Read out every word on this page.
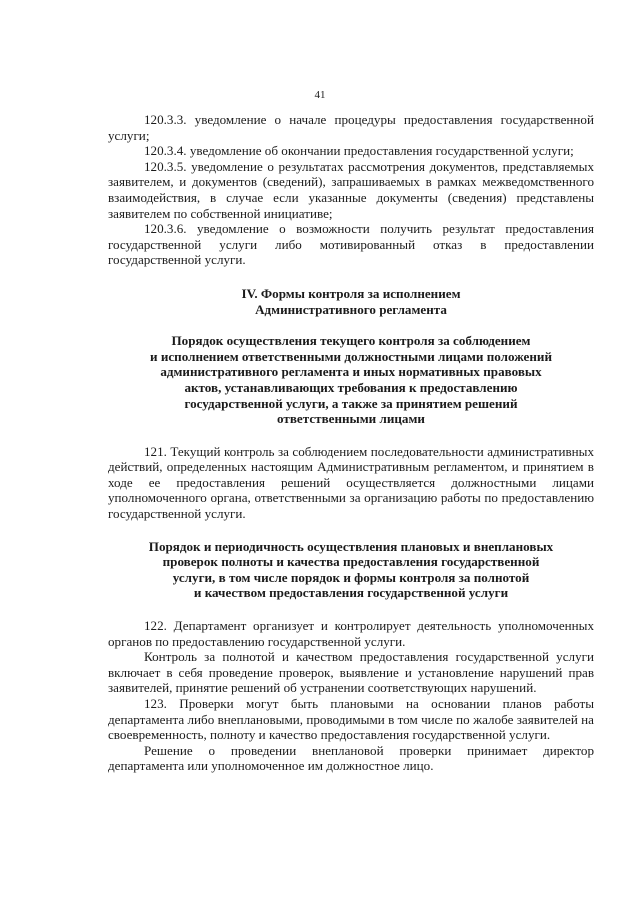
41

120.3.3. уведомление о начале процедуры предоставления государственной услуги;

120.3.4. уведомление об окончании предоставления государственной услуги;

120.3.5. уведомление о результатах рассмотрения документов, представляемых заявителем, и документов (сведений), запрашиваемых в рамках межведомственного взаимодействия, в случае если указанные документы (сведения) представлены заявителем по собственной инициативе;

120.3.6. уведомление о возможности получить результат предоставления государственной услуги либо мотивированный отказ в предоставлении государственной услуги.

IV. Формы контроля за исполнением
Административного регламента
Порядок осуществления текущего контроля за соблюдением
и исполнением ответственными должностными лицами положений
административного регламента и иных нормативных правовых
актов, устанавливающих требования к предоставлению
государственной услуги, а также за принятием решений
ответственными лицами

121. Текущий контроль за соблюдением последовательности административных действий, определенных настоящим Административным регламентом, и принятием в ходе ее предоставления решений осуществляется должностными лицами уполномоченного органа, ответственными за организацию работы по предоставлению государственной услуги.

Порядок и периодичность осуществления плановых и внеплановых
проверок полноты и качества предоставления государственной
услуги, в том числе порядок и формы контроля за полнотой
и качеством предоставления государственной услуги

122. Департамент организует и контролирует деятельность уполномоченных органов по предоставлению государственной услуги.

Контроль за полнотой и качеством предоставления государственной услуги включает в себя проведение проверок, выявление и установление нарушений прав заявителей, принятие решений об устранении соответствующих нарушений.

123. Проверки могут быть плановыми на основании планов работы департамента либо внеплановыми, проводимыми в том числе по жалобе заявителей на своевременность, полноту и качество предоставления государственной услуги.

Решение о проведении внеплановой проверки принимает директор департамента или уполномоченное им должностное лицо.
